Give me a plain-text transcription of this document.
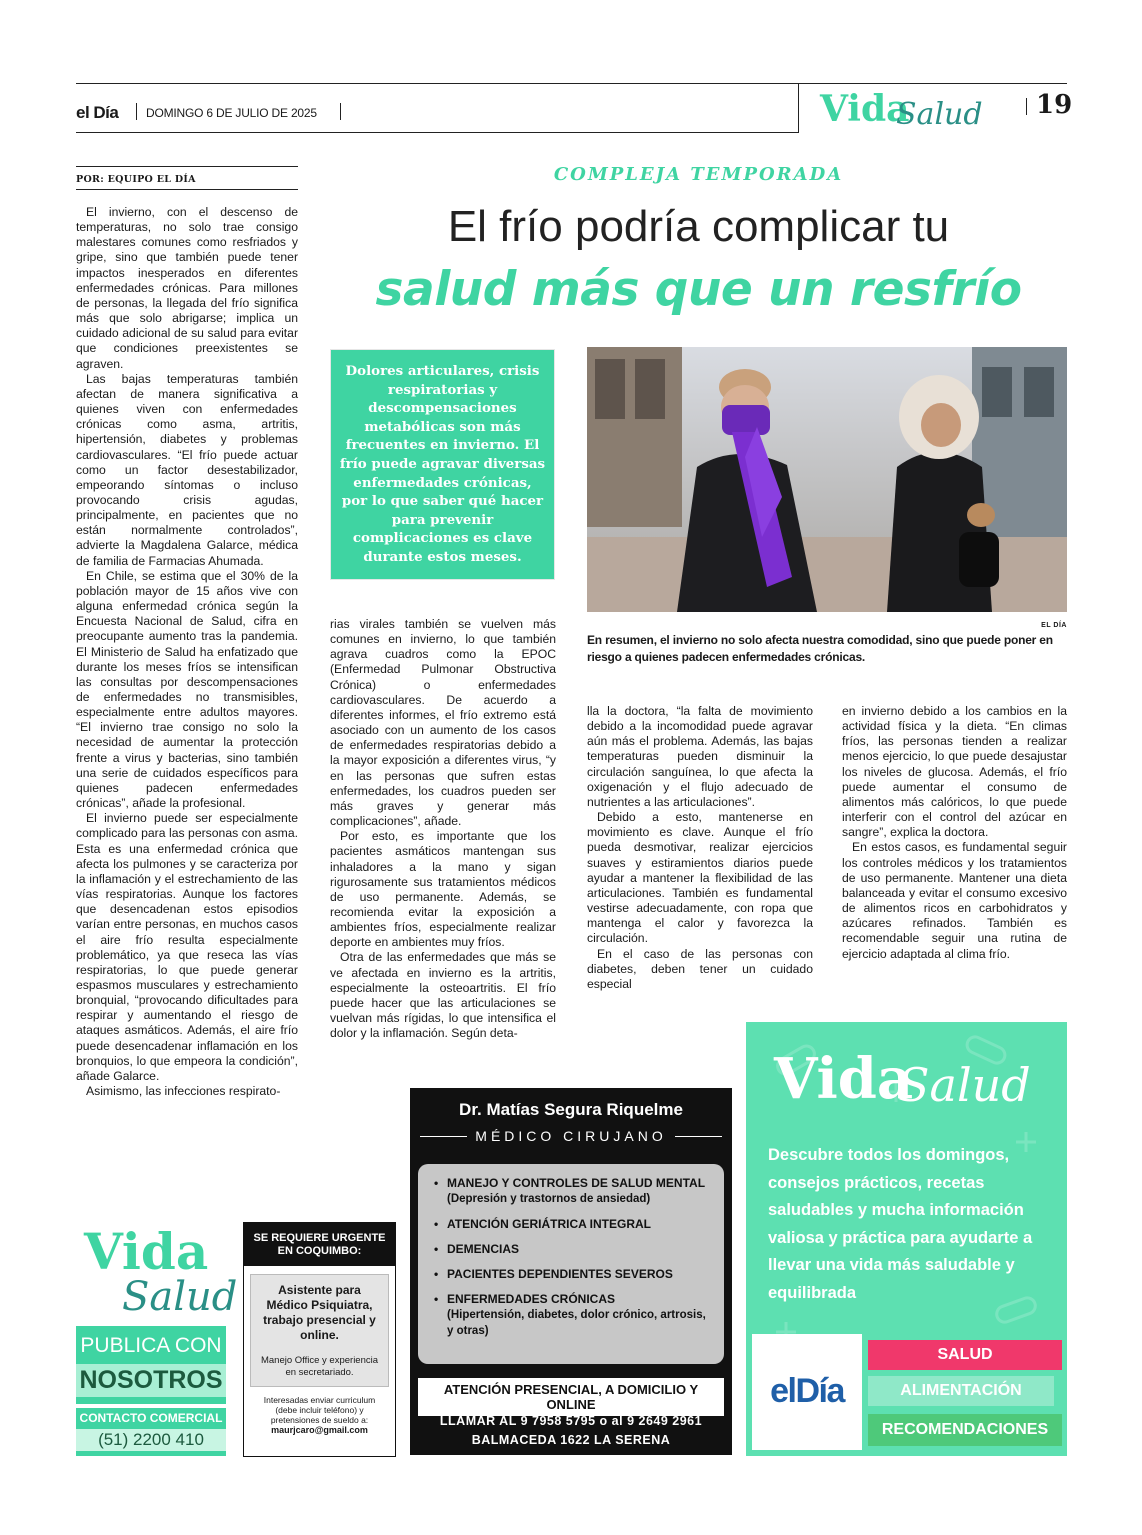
el Día DOMINGO 6 DE JULIO DE 2025	Vida
Salud 19
POR: EQUIPO EL DÍA

El invierno, con el descenso de temperaturas, no solo trae consigo malestares comunes como resfriados y gripe, sino que también puede tener impactos inesperados en diferentes enfermedades crónicas. Para millones de personas, la llegada del frío significa más que solo abrigarse; implica un cuidado adicional de su salud para evitar que condiciones preexistentes se agraven.

Las bajas temperaturas también afectan de manera significativa a quienes viven con enfermedades crónicas como asma, artritis, hipertensión, diabetes y problemas cardiovasculares. “El frío puede actuar como un factor desestabilizador, empeorando síntomas o incluso provocando crisis agudas, principalmente, en pacientes que no están normalmente controlados”, advierte la Magdalena Galarce, médica de familia de Farmacias Ahumada.

En Chile, se estima que el 30% de la población mayor de 15 años vive con alguna enfermedad crónica según la Encuesta Nacional de Salud, cifra en preocupante aumento tras la pandemia. El Ministerio de Salud ha enfatizado que durante los meses fríos se intensifican las consultas por descompensaciones de enfermedades no transmisibles, especialmente entre adultos mayores. “El invierno trae consigo no solo la necesidad de aumentar la protección frente a virus y bacterias, sino también una serie de cuidados específicos para quienes padecen enfermedades crónicas”, añade la profesional.

El invierno puede ser especialmente complicado para las personas con asma. Esta es una enfermedad crónica que afecta los pulmones y se caracteriza por la inflamación y el estrechamiento de las vías respiratorias. Aunque los factores que desencadenan estos episodios varían entre personas, en muchos casos el aire frío resulta especialmente problemático, ya que reseca las vías respiratorias, lo que puede generar espasmos musculares y estrechamiento bronquial, “provocando dificultades para respirar y aumentando el riesgo de ataques asmáticos. Además, el aire frío puede desencadenar inflamación en los bronquios, lo que empeora la condición”, añade Galarce.

Asimismo, las infecciones respirato-

COMPLEJA TEMPORADA
El frío podría complicar tu
salud más que un resfrío
Dolores articulares, crisis respiratorias y descompensaciones metabólicas son más frecuentes en invierno. El frío puede agravar diversas enfermedades crónicas, por lo que saber qué hacer para prevenir complicaciones es clave durante estos meses.
EL DÍA
En resumen, el invierno no solo afecta nuestra comodidad, sino que puede poner en riesgo a quienes padecen enfermedades crónicas.

rias virales también se vuelven más comunes en invierno, lo que también agrava cuadros como la EPOC (Enfermedad Pulmonar Obstructiva Crónica) o enfermedades cardiovasculares. De acuerdo a diferentes informes, el frío extremo está asociado con un aumento de los casos de enfermedades respiratorias debido a la mayor exposición a diferentes virus, “y en las personas que sufren estas enfermedades, los cuadros pueden ser más graves y generar más complicaciones”, añade.

Por esto, es importante que los pacientes asmáticos mantengan sus inhaladores a la mano y sigan rigurosamente sus tratamientos médicos de uso permanente. Además, se recomienda evitar la exposición a ambientes fríos, especialmente realizar deporte en ambientes muy fríos.

Otra de las enfermedades que más se ve afectada en invierno es la artritis, especialmente la osteoartritis. El frío puede hacer que las articulaciones se vuelvan más rígidas, lo que intensifica el dolor y la inflamación. Según deta-

lla la doctora, “la falta de movimiento debido a la incomodidad puede agravar aún más el problema. Además, las bajas temperaturas pueden disminuir la circulación sanguínea, lo que afecta la oxigenación y el flujo adecuado de nutrientes a las articulaciones”.

Debido a esto, mantenerse en movimiento es clave. Aunque el frío pueda desmotivar, realizar ejercicios suaves y estiramientos diarios puede ayudar a mantener la flexibilidad de las articulaciones. También es fundamental vestirse adecuadamente, con ropa que mantenga el calor y favorezca la circulación.

En el caso de las personas con diabetes, deben tener un cuidado especial

en invierno debido a los cambios en la actividad física y la dieta. “En climas fríos, las personas tienden a realizar menos ejercicio, lo que puede desajustar los niveles de glucosa. Además, el frío puede aumentar el consumo de alimentos más calóricos, lo que puede interferir con el control del azúcar en sangre”, explica la doctora.

En estos casos, es fundamental seguir los controles médicos y los tratamientos de uso permanente. Mantener una dieta balanceada y evitar el consumo excesivo de alimentos ricos en carbohidratos y azúcares refinados. También es recomendable seguir una rutina de ejercicio adaptada al clima frío.

Vida
Salud
PUBLICA CON
NOSOTROS
CONTACTO COMERCIAL
(51) 2200 410
SE REQUIERE URGENTE EN COQUIMBO:
Asistente para Médico Psiquiatra, trabajo presencial y online.
Manejo Office y experiencia en secretariado.
Interesadas enviar curriculum (debe incluir teléfono) y pretensiones de sueldo a:
maurjcaro@gmail.com
Dr. Matías Segura Riquelme
MÉDICO CIRUJANO
• MANEJO Y CONTROLES DE SALUD MENTAL
(Depresión y trastornos de ansiedad)
• ATENCIÓN GERIÁTRICA INTEGRAL
• DEMENCIAS
• PACIENTES DEPENDIENTES SEVEROS
• ENFERMEDADES CRÓNICAS
(Hipertensión, diabetes, dolor crónico, artrosis, y otras)
ATENCIÓN PRESENCIAL, A DOMICILIO Y ONLINE
LLAMAR AL 9 7958 5795 o al 9 2649 2961
BALMACEDA 1622 LA SERENA
Vida
Salud
Descubre todos los domingos, consejos prácticos, recetas saludables y mucha información valiosa y práctica para ayudarte a llevar una vida más saludable y equilibrada
elDía
SALUD
ALIMENTACIÓN
RECOMENDACIONES
